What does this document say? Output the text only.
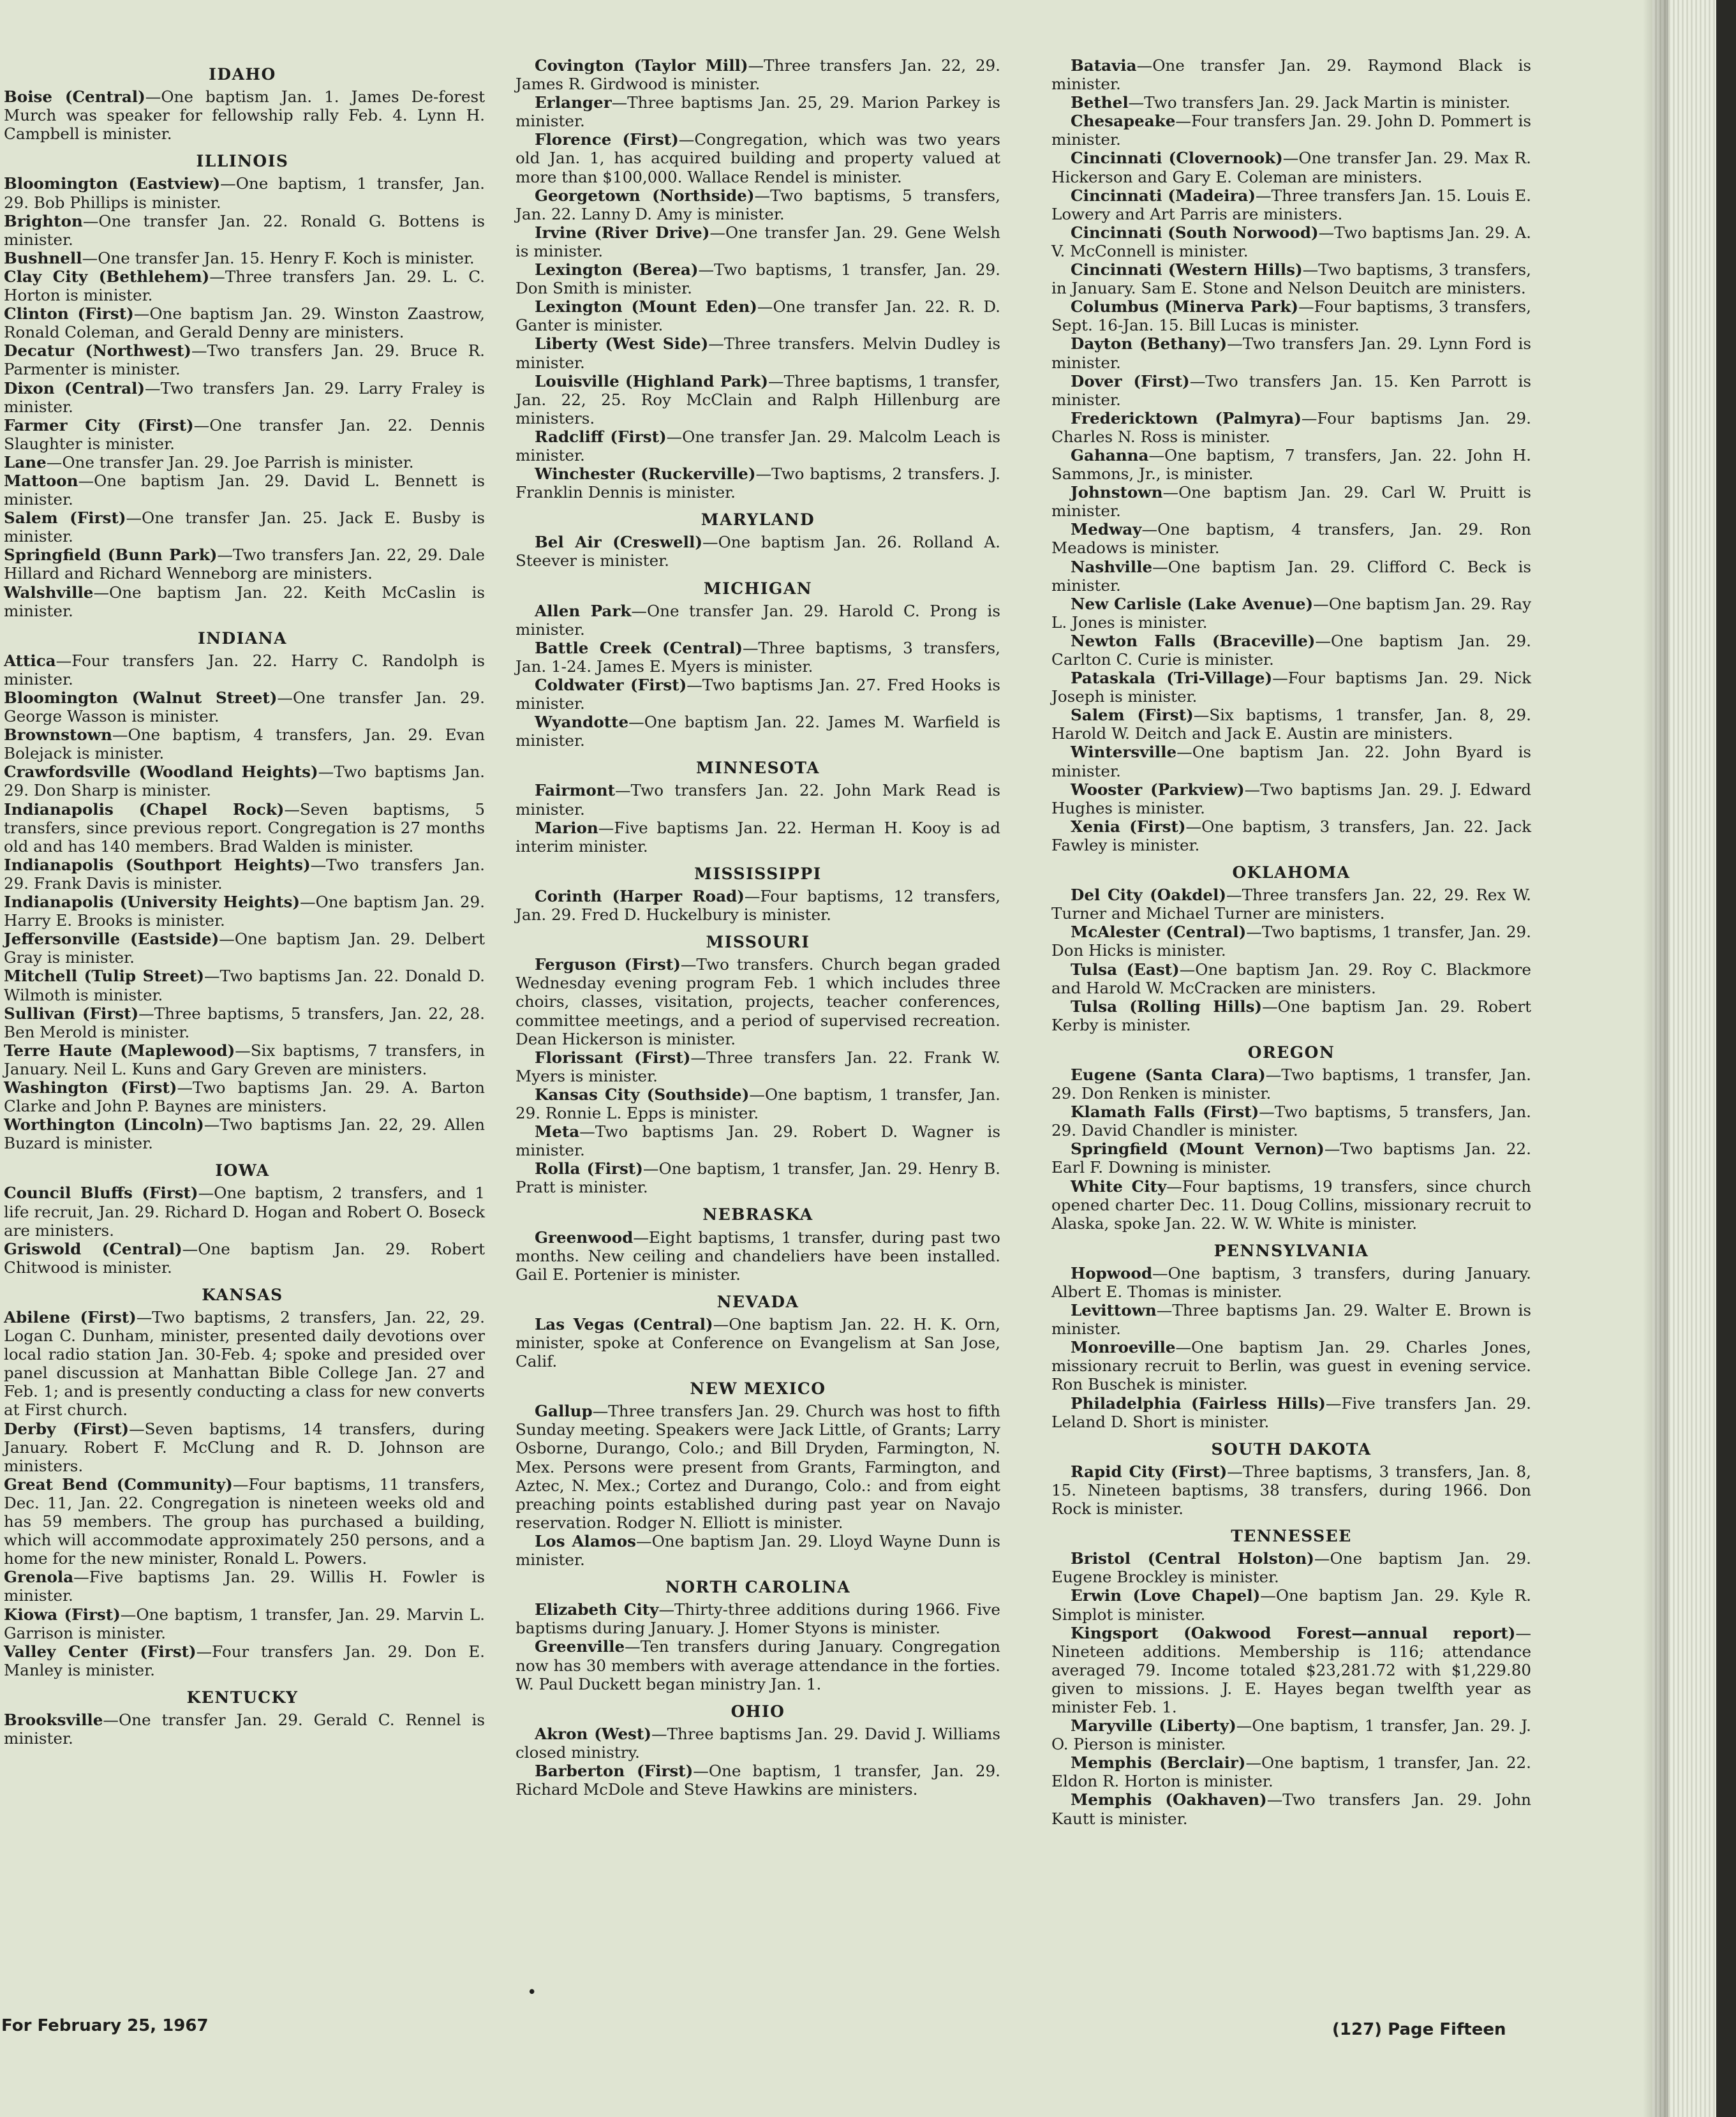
IDAHO

Boise (Central)—One baptism Jan. 1. James De-forest Murch was speaker for fellowship rally Feb. 4. Lynn H. Campbell is minister.

ILLINOIS

Bloomington (Eastview)—One baptism, 1 transfer, Jan. 29. Bob Phillips is minister.

Brighton—One transfer Jan. 22. Ronald G. Bottens is minister.

Bushnell—One transfer Jan. 15. Henry F. Koch is minister.

Clay City (Bethlehem)—Three transfers Jan. 29. L. C. Horton is minister.

Clinton (First)—One baptism Jan. 29. Winston Zaastrow, Ronald Coleman, and Gerald Denny are ministers.

Decatur (Northwest)—Two transfers Jan. 29. Bruce R. Parmenter is minister.

Dixon (Central)—Two transfers Jan. 29. Larry Fraley is minister.

Farmer City (First)—One transfer Jan. 22. Dennis Slaughter is minister.

Lane—One transfer Jan. 29. Joe Parrish is minister.

Mattoon—One baptism Jan. 29. David L. Bennett is minister.

Salem (First)—One transfer Jan. 25. Jack E. Busby is minister.

Springfield (Bunn Park)—Two transfers Jan. 22, 29. Dale Hillard and Richard Wenneborg are ministers.

Walshville—One baptism Jan. 22. Keith McCaslin is minister.

INDIANA

Attica—Four transfers Jan. 22. Harry C. Randolph is minister.

Bloomington (Walnut Street)—One transfer Jan. 29. George Wasson is minister.

Brownstown—One baptism, 4 transfers, Jan. 29. Evan Bolejack is minister.

Crawfordsville (Woodland Heights)—Two baptisms Jan. 29. Don Sharp is minister.

Indianapolis (Chapel Rock)—Seven baptisms, 5 transfers, since previous report. Congregation is 27 months old and has 140 members. Brad Walden is minister.

Indianapolis (Southport Heights)—Two transfers Jan. 29. Frank Davis is minister.

Indianapolis (University Heights)—One baptism Jan. 29. Harry E. Brooks is minister.

Jeffersonville (Eastside)—One baptism Jan. 29. Delbert Gray is minister.

Mitchell (Tulip Street)—Two baptisms Jan. 22. Donald D. Wilmoth is minister.

Sullivan (First)—Three baptisms, 5 transfers, Jan. 22, 28. Ben Merold is minister.

Terre Haute (Maplewood)—Six baptisms, 7 transfers, in January. Neil L. Kuns and Gary Greven are ministers.

Washington (First)—Two baptisms Jan. 29. A. Barton Clarke and John P. Baynes are ministers.

Worthington (Lincoln)—Two baptisms Jan. 22, 29. Allen Buzard is minister.

IOWA

Council Bluffs (First)—One baptism, 2 transfers, and 1 life recruit, Jan. 29. Richard D. Hogan and Robert O. Boseck are ministers.

Griswold (Central)—One baptism Jan. 29. Robert Chitwood is minister.

KANSAS

Abilene (First)—Two baptisms, 2 transfers, Jan. 22, 29. Logan C. Dunham, minister, presented daily devotions over local radio station Jan. 30-Feb. 4; spoke and presided over panel discussion at Manhattan Bible College Jan. 27 and Feb. 1; and is presently conducting a class for new converts at First church.

Derby (First)—Seven baptisms, 14 transfers, during January. Robert F. McClung and R. D. Johnson are ministers.

Great Bend (Community)—Four baptisms, 11 transfers, Dec. 11, Jan. 22. Congregation is nineteen weeks old and has 59 members. The group has purchased a building, which will accommodate approximately 250 persons, and a home for the new minister, Ronald L. Powers.

Grenola—Five baptisms Jan. 29. Willis H. Fowler is minister.

Kiowa (First)—One baptism, 1 transfer, Jan. 29. Marvin L. Garrison is minister.

Valley Center (First)—Four transfers Jan. 29. Don E. Manley is minister.

KENTUCKY

Brooksville—One transfer Jan. 29. Gerald C. Rennel is minister.

Covington (Taylor Mill)—Three transfers Jan. 22, 29. James R. Girdwood is minister.

Erlanger—Three baptisms Jan. 25, 29. Marion Parkey is minister.

Florence (First)—Congregation, which was two years old Jan. 1, has acquired building and property valued at more than $100,000. Wallace Rendel is minister.

Georgetown (Northside)—Two baptisms, 5 transfers, Jan. 22. Lanny D. Amy is minister.

Irvine (River Drive)—One transfer Jan. 29. Gene Welsh is minister.

Lexington (Berea)—Two baptisms, 1 transfer, Jan. 29. Don Smith is minister.

Lexington (Mount Eden)—One transfer Jan. 22. R. D. Ganter is minister.

Liberty (West Side)—Three transfers. Melvin Dudley is minister.

Louisville (Highland Park)—Three baptisms, 1 transfer, Jan. 22, 25. Roy McClain and Ralph Hillenburg are ministers.

Radcliff (First)—One transfer Jan. 29. Malcolm Leach is minister.

Winchester (Ruckerville)—Two baptisms, 2 transfers. J. Franklin Dennis is minister.

MARYLAND

Bel Air (Creswell)—One baptism Jan. 26. Rolland A. Steever is minister.

MICHIGAN

Allen Park—One transfer Jan. 29. Harold C. Prong is minister.

Battle Creek (Central)—Three baptisms, 3 transfers, Jan. 1-24. James E. Myers is minister.

Coldwater (First)—Two baptisms Jan. 27. Fred Hooks is minister.

Wyandotte—One baptism Jan. 22. James M. Warfield is minister.

MINNESOTA

Fairmont—Two transfers Jan. 22. John Mark Read is minister.

Marion—Five baptisms Jan. 22. Herman H. Kooy is ad interim minister.

MISSISSIPPI

Corinth (Harper Road)—Four baptisms, 12 transfers, Jan. 29. Fred D. Huckelbury is minister.

MISSOURI

Ferguson (First)—Two transfers. Church began graded Wednesday evening program Feb. 1 which includes three choirs, classes, visitation, projects, teacher conferences, committee meetings, and a period of supervised recreation. Dean Hickerson is minister.

Florissant (First)—Three transfers Jan. 22. Frank W. Myers is minister.

Kansas City (Southside)—One baptism, 1 transfer, Jan. 29. Ronnie L. Epps is minister.

Meta—Two baptisms Jan. 29. Robert D. Wagner is minister.

Rolla (First)—One baptism, 1 transfer, Jan. 29. Henry B. Pratt is minister.

NEBRASKA

Greenwood—Eight baptisms, 1 transfer, during past two months. New ceiling and chandeliers have been installed. Gail E. Portenier is minister.

NEVADA

Las Vegas (Central)—One baptism Jan. 22. H. K. Orn, minister, spoke at Conference on Evangelism at San Jose, Calif.

NEW MEXICO

Gallup—Three transfers Jan. 29. Church was host to fifth Sunday meeting. Speakers were Jack Little, of Grants; Larry Osborne, Durango, Colo.; and Bill Dryden, Farmington, N. Mex. Persons were present from Grants, Farmington, and Aztec, N. Mex.; Cortez and Durango, Colo.: and from eight preaching points established during past year on Navajo reservation. Rodger N. Elliott is minister.

Los Alamos—One baptism Jan. 29. Lloyd Wayne Dunn is minister.

NORTH CAROLINA

Elizabeth City—Thirty-three additions during 1966. Five baptisms during January. J. Homer Styons is minister.

Greenville—Ten transfers during January. Congregation now has 30 members with average attendance in the forties. W. Paul Duckett began ministry Jan. 1.

OHIO

Akron (West)—Three baptisms Jan. 29. David J. Williams closed ministry.

Barberton (First)—One baptism, 1 transfer, Jan. 29. Richard McDole and Steve Hawkins are ministers.

Batavia—One transfer Jan. 29. Raymond Black is minister.

Bethel—Two transfers Jan. 29. Jack Martin is minister.

Chesapeake—Four transfers Jan. 29. John D. Pommert is minister.

Cincinnati (Clovernook)—One transfer Jan. 29. Max R. Hickerson and Gary E. Coleman are ministers.

Cincinnati (Madeira)—Three transfers Jan. 15. Louis E. Lowery and Art Parris are ministers.

Cincinnati (South Norwood)—Two baptisms Jan. 29. A. V. McConnell is minister.

Cincinnati (Western Hills)—Two baptisms, 3 transfers, in January. Sam E. Stone and Nelson Deuitch are ministers.

Columbus (Minerva Park)—Four baptisms, 3 transfers, Sept. 16-Jan. 15. Bill Lucas is minister.

Dayton (Bethany)—Two transfers Jan. 29. Lynn Ford is minister.

Dover (First)—Two transfers Jan. 15. Ken Parrott is minister.

Fredericktown (Palmyra)—Four baptisms Jan. 29. Charles N. Ross is minister.

Gahanna—One baptism, 7 transfers, Jan. 22. John H. Sammons, Jr., is minister.

Johnstown—One baptism Jan. 29. Carl W. Pruitt is minister.

Medway—One baptism, 4 transfers, Jan. 29. Ron Meadows is minister.

Nashville—One baptism Jan. 29. Clifford C. Beck is minister.

New Carlisle (Lake Avenue)—One baptism Jan. 29. Ray L. Jones is minister.

Newton Falls (Braceville)—One baptism Jan. 29. Carlton C. Curie is minister.

Pataskala (Tri-Village)—Four baptisms Jan. 29. Nick Joseph is minister.

Salem (First)—Six baptisms, 1 transfer, Jan. 8, 29. Harold W. Deitch and Jack E. Austin are ministers.

Wintersville—One baptism Jan. 22. John Byard is minister.

Wooster (Parkview)—Two baptisms Jan. 29. J. Edward Hughes is minister.

Xenia (First)—One baptism, 3 transfers, Jan. 22. Jack Fawley is minister.

OKLAHOMA

Del City (Oakdel)—Three transfers Jan. 22, 29. Rex W. Turner and Michael Turner are ministers.

McAlester (Central)—Two baptisms, 1 transfer, Jan. 29. Don Hicks is minister.

Tulsa (East)—One baptism Jan. 29. Roy C. Blackmore and Harold W. McCracken are ministers.

Tulsa (Rolling Hills)—One baptism Jan. 29. Robert Kerby is minister.

OREGON

Eugene (Santa Clara)—Two baptisms, 1 transfer, Jan. 29. Don Renken is minister.

Klamath Falls (First)—Two baptisms, 5 transfers, Jan. 29. David Chandler is minister.

Springfield (Mount Vernon)—Two baptisms Jan. 22. Earl F. Downing is minister.

White City—Four baptisms, 19 transfers, since church opened charter Dec. 11. Doug Collins, missionary recruit to Alaska, spoke Jan. 22. W. W. White is minister.

PENNSYLVANIA

Hopwood—One baptism, 3 transfers, during January. Albert E. Thomas is minister.

Levittown—Three baptisms Jan. 29. Walter E. Brown is minister.

Monroeville—One baptism Jan. 29. Charles Jones, missionary recruit to Berlin, was guest in evening service. Ron Buschek is minister.

Philadelphia (Fairless Hills)—Five transfers Jan. 29. Leland D. Short is minister.

SOUTH DAKOTA

Rapid City (First)—Three baptisms, 3 transfers, Jan. 8, 15. Nineteen baptisms, 38 transfers, during 1966. Don Rock is minister.

TENNESSEE

Bristol (Central Holston)—One baptism Jan. 29. Eugene Brockley is minister.

Erwin (Love Chapel)—One baptism Jan. 29. Kyle R. Simplot is minister.

Kingsport (Oakwood Forest—annual report)—Nineteen additions. Membership is 116; attendance averaged 79. Income totaled $23,281.72 with $1,229.80 given to missions. J. E. Hayes began twelfth year as minister Feb. 1.

Maryville (Liberty)—One baptism, 1 transfer, Jan. 29. J. O. Pierson is minister.

Memphis (Berclair)—One baptism, 1 transfer, Jan. 22. Eldon R. Horton is minister.

Memphis (Oakhaven)—Two transfers Jan. 29. John Kautt is minister.

•
For February 25, 1967	(127) Page Fifteen
